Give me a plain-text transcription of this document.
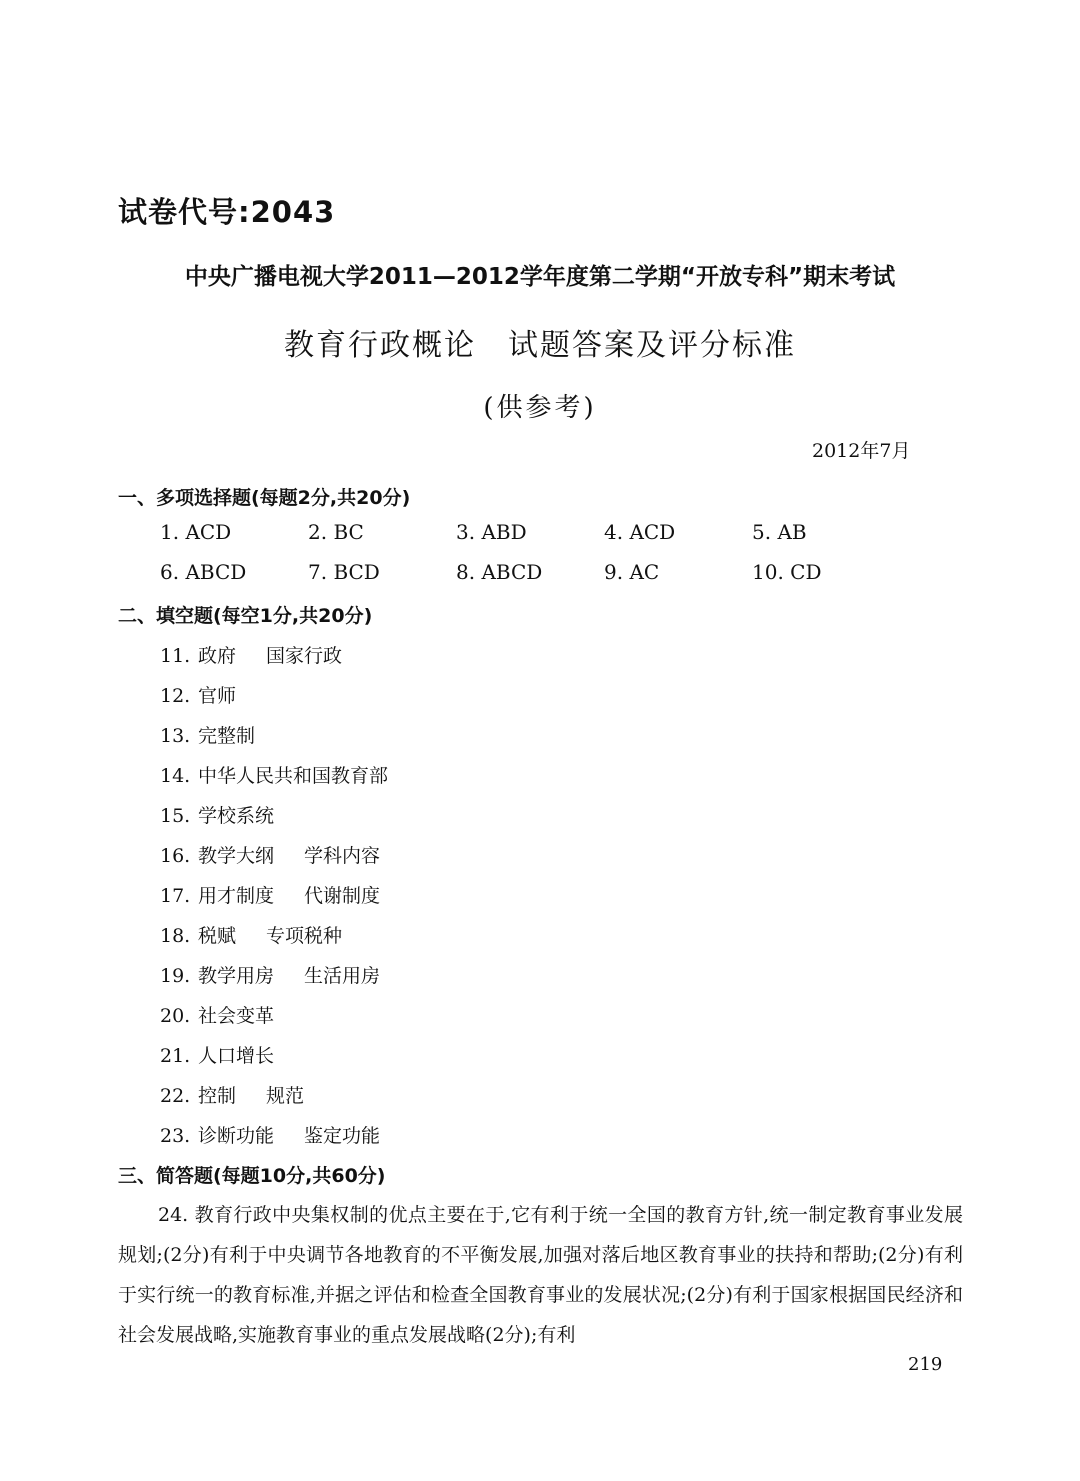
试卷代号:2043
中央广播电视大学2011—2012学年度第二学期“开放专科”期末考试
教育行政概论 试题答案及评分标准
(供参考)
2012年7月
一、多项选择题(每题2分,共20分)
1. ACD	2. BC	3. ABD	4. ACD	5. AB
6. ABCD	7. BCD	8. ABCD	9. AC	10. CD
二、填空题(每空1分,共20分)
11. 政府 国家行政
12. 官师
13. 完整制
14. 中华人民共和国教育部
15. 学校系统
16. 教学大纲 学科内容
17. 用才制度 代谢制度
18. 税赋 专项税种
19. 教学用房 生活用房
20. 社会变革
21. 人口增长
22. 控制 规范
23. 诊断功能 鉴定功能
三、简答题(每题10分,共60分)
24. 教育行政中央集权制的优点主要在于,它有利于统一全国的教育方针,统一制定教育事业发展规划;(2分)有利于中央调节各地教育的不平衡发展,加强对落后地区教育事业的扶持和帮助;(2分)有利于实行统一的教育标准,并据之评估和检查全国教育事业的发展状况;(2分)有利于国家根据国民经济和社会发展战略,实施教育事业的重点发展战略(2分);有利
219
